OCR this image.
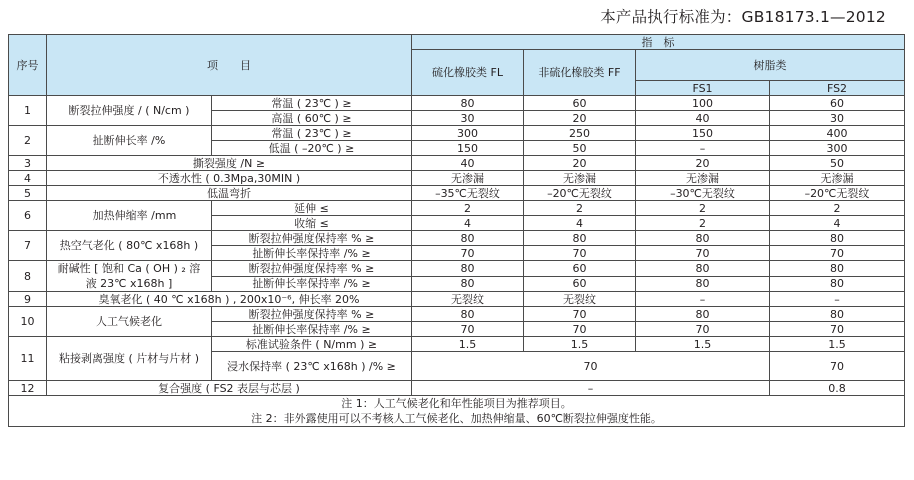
本产品执行标准为：GB18173.1—2012
序号	项　　目		指　标			
			硫化橡胶类 FL	非硫化橡胶类 FF	树脂类	
					FS1	FS2
1	断裂拉伸强度 / ( N/cm )	常温 ( 23℃ ) ≥	80	60	100	60
		高温 ( 60℃ ) ≥	30	20	40	30
2	扯断伸长率 /%	常温 ( 23℃ ) ≥	300	250	150	400
		低温 ( –20℃ ) ≥	150	50	–	300
3	撕裂强度 /N ≥		40	20	20	50
4	不透水性 ( 0.3Mpa,30MIN )		无渗漏	无渗漏	无渗漏	无渗漏
5	低温弯折		–35℃无裂纹	–20℃无裂纹	–30℃无裂纹	–20℃无裂纹
6	加热伸缩率 /mm	延伸 ≤	2	2	2	2
		收缩 ≤	4	4	2	4
7	热空气老化 ( 80℃ x168h )	断裂拉伸强度保持率 % ≥	80	80	80	80
		扯断伸长率保持率 /% ≥	70	70	70	70
8	耐碱性 [ 饱和 Ca ( OH ) ₂ 溶
液 23℃ x168h ]	断裂拉伸强度保持率 % ≥	80	60	80	80
		扯断伸长率保持率 /% ≥	80	60	80	80
9	臭氧老化 ( 40 ℃ x168h ) , 200x10⁻⁶, 伸长率 20%		无裂纹	无裂纹	–	–
10	人工气候老化	断裂拉伸强度保持率 % ≥	80	70	80	80
		扯断伸长率保持率 /% ≥	70	70	70	70
11	粘接剥离强度 ( 片材与片材 )	标准试验条件 ( N/mm ) ≥	1.5	1.5	1.5	1.5
		浸水保持率 ( 23℃ x168h ) /% ≥	70			70
12	复合强度 ( FS2 表层与芯层 )		–			0.8

注 1：人工气候老化和年性能项目为推荐项目。
注 2：非外露使用可以不考核人工气候老化、加热伸缩量、60℃断裂拉伸强度性能。						
